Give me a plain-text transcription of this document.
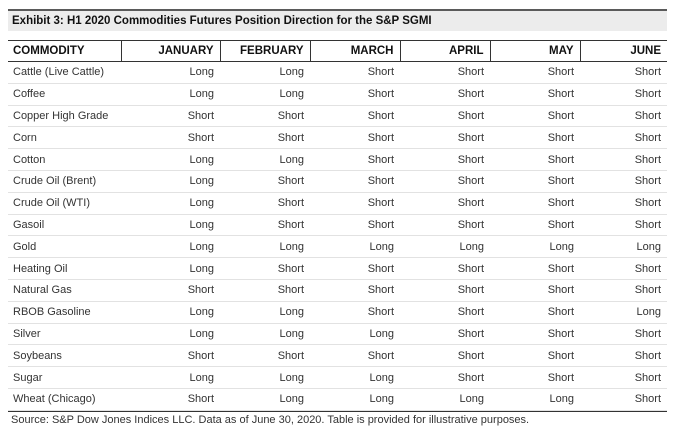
Exhibit 3: H1 2020 Commodities Futures Position Direction for the S&P SGMI
COMMODITY	JANUARY	FEBRUARY	MARCH	APRIL	MAY	JUNE
Cattle (Live Cattle)	Long	Long	Short	Short	Short	Short
Coffee	Long	Long	Short	Short	Short	Short
Copper High Grade	Short	Short	Short	Short	Short	Short
Corn	Short	Short	Short	Short	Short	Short
Cotton	Long	Long	Short	Short	Short	Short
Crude Oil (Brent)	Long	Short	Short	Short	Short	Short
Crude Oil (WTI)	Long	Short	Short	Short	Short	Short
Gasoil	Long	Short	Short	Short	Short	Short
Gold	Long	Long	Long	Long	Long	Long
Heating Oil	Long	Short	Short	Short	Short	Short
Natural Gas	Short	Short	Short	Short	Short	Short
RBOB Gasoline	Long	Long	Short	Short	Short	Long
Silver	Long	Long	Long	Short	Short	Short
Soybeans	Short	Short	Short	Short	Short	Short
Sugar	Long	Long	Long	Short	Short	Short
Wheat (Chicago)	Short	Long	Long	Long	Long	Short
Source: S&P Dow Jones Indices LLC. Data as of June 30, 2020. Table is provided for illustrative purposes.
